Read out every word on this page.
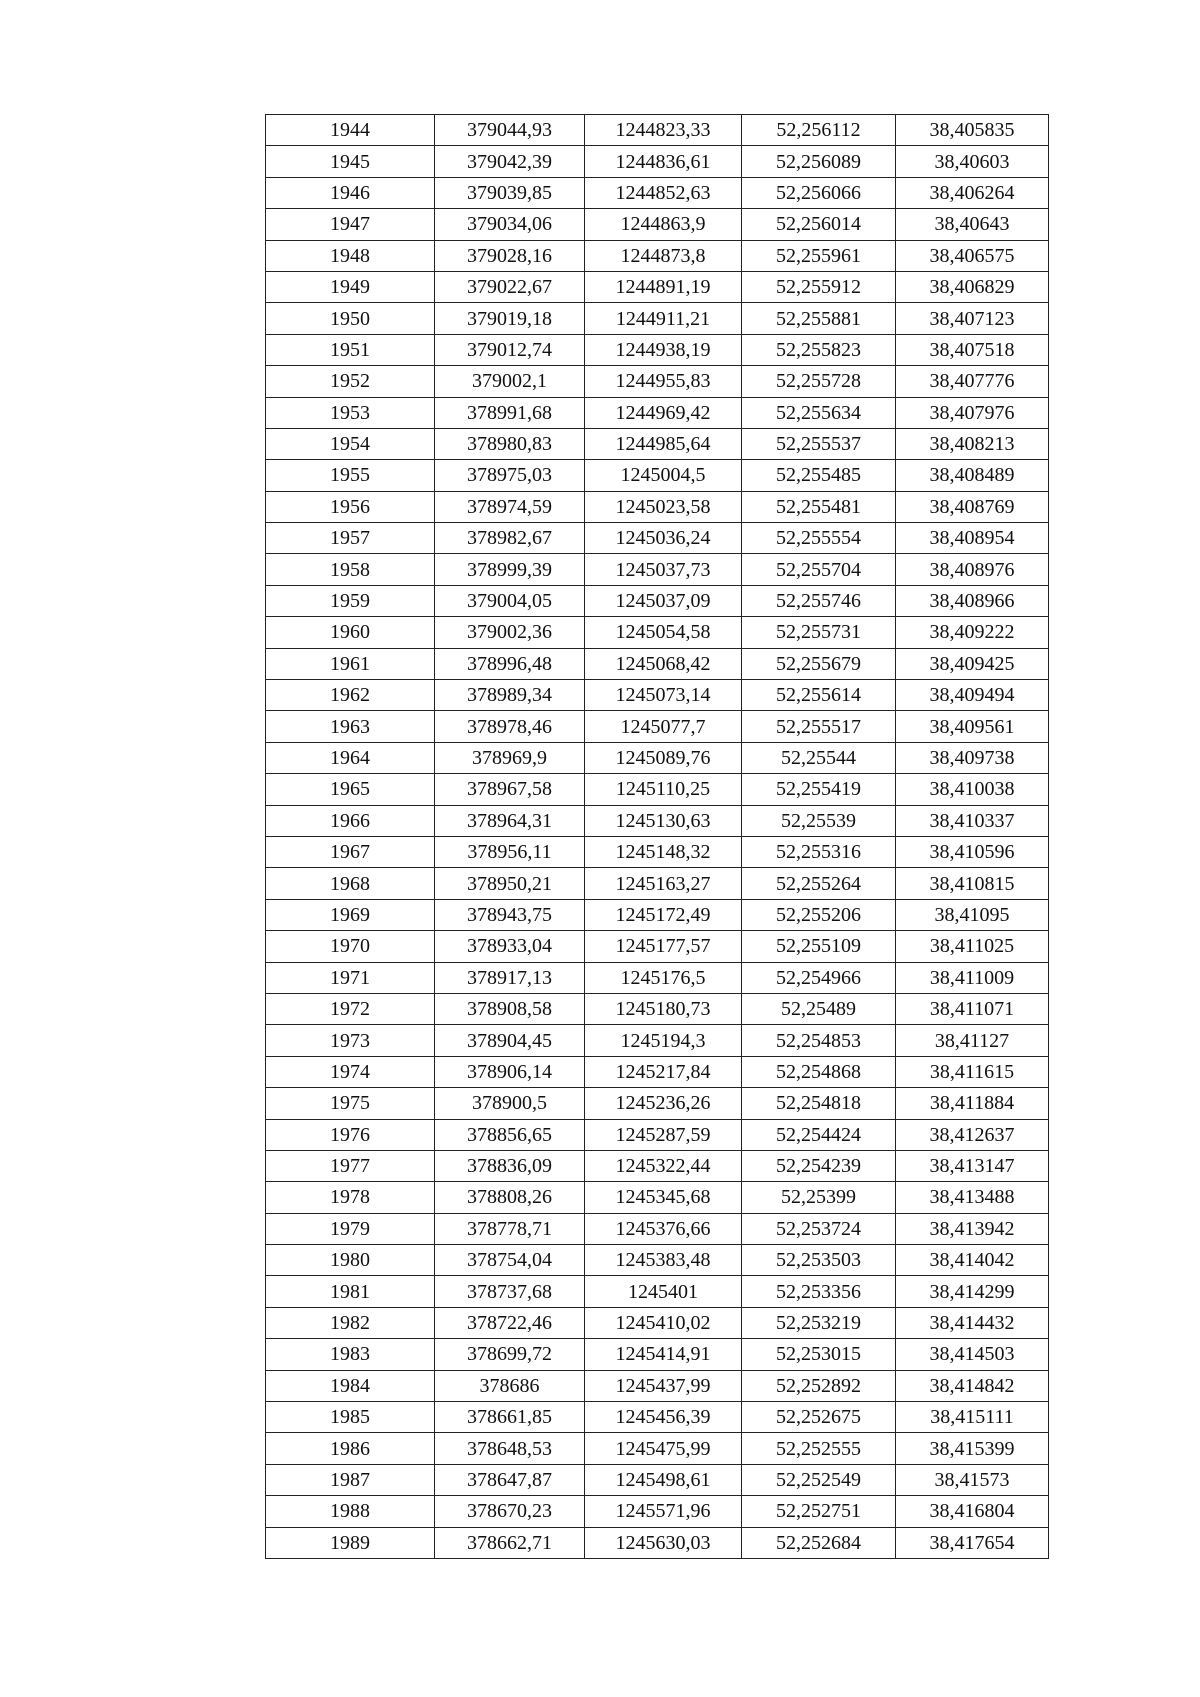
1944	379044,93	1244823,33	52,256112	38,405835
1945	379042,39	1244836,61	52,256089	38,40603
1946	379039,85	1244852,63	52,256066	38,406264
1947	379034,06	1244863,9	52,256014	38,40643
1948	379028,16	1244873,8	52,255961	38,406575
1949	379022,67	1244891,19	52,255912	38,406829
1950	379019,18	1244911,21	52,255881	38,407123
1951	379012,74	1244938,19	52,255823	38,407518
1952	379002,1	1244955,83	52,255728	38,407776
1953	378991,68	1244969,42	52,255634	38,407976
1954	378980,83	1244985,64	52,255537	38,408213
1955	378975,03	1245004,5	52,255485	38,408489
1956	378974,59	1245023,58	52,255481	38,408769
1957	378982,67	1245036,24	52,255554	38,408954
1958	378999,39	1245037,73	52,255704	38,408976
1959	379004,05	1245037,09	52,255746	38,408966
1960	379002,36	1245054,58	52,255731	38,409222
1961	378996,48	1245068,42	52,255679	38,409425
1962	378989,34	1245073,14	52,255614	38,409494
1963	378978,46	1245077,7	52,255517	38,409561
1964	378969,9	1245089,76	52,25544	38,409738
1965	378967,58	1245110,25	52,255419	38,410038
1966	378964,31	1245130,63	52,25539	38,410337
1967	378956,11	1245148,32	52,255316	38,410596
1968	378950,21	1245163,27	52,255264	38,410815
1969	378943,75	1245172,49	52,255206	38,41095
1970	378933,04	1245177,57	52,255109	38,411025
1971	378917,13	1245176,5	52,254966	38,411009
1972	378908,58	1245180,73	52,25489	38,411071
1973	378904,45	1245194,3	52,254853	38,41127
1974	378906,14	1245217,84	52,254868	38,411615
1975	378900,5	1245236,26	52,254818	38,411884
1976	378856,65	1245287,59	52,254424	38,412637
1977	378836,09	1245322,44	52,254239	38,413147
1978	378808,26	1245345,68	52,25399	38,413488
1979	378778,71	1245376,66	52,253724	38,413942
1980	378754,04	1245383,48	52,253503	38,414042
1981	378737,68	1245401	52,253356	38,414299
1982	378722,46	1245410,02	52,253219	38,414432
1983	378699,72	1245414,91	52,253015	38,414503
1984	378686	1245437,99	52,252892	38,414842
1985	378661,85	1245456,39	52,252675	38,415111
1986	378648,53	1245475,99	52,252555	38,415399
1987	378647,87	1245498,61	52,252549	38,41573
1988	378670,23	1245571,96	52,252751	38,416804
1989	378662,71	1245630,03	52,252684	38,417654
